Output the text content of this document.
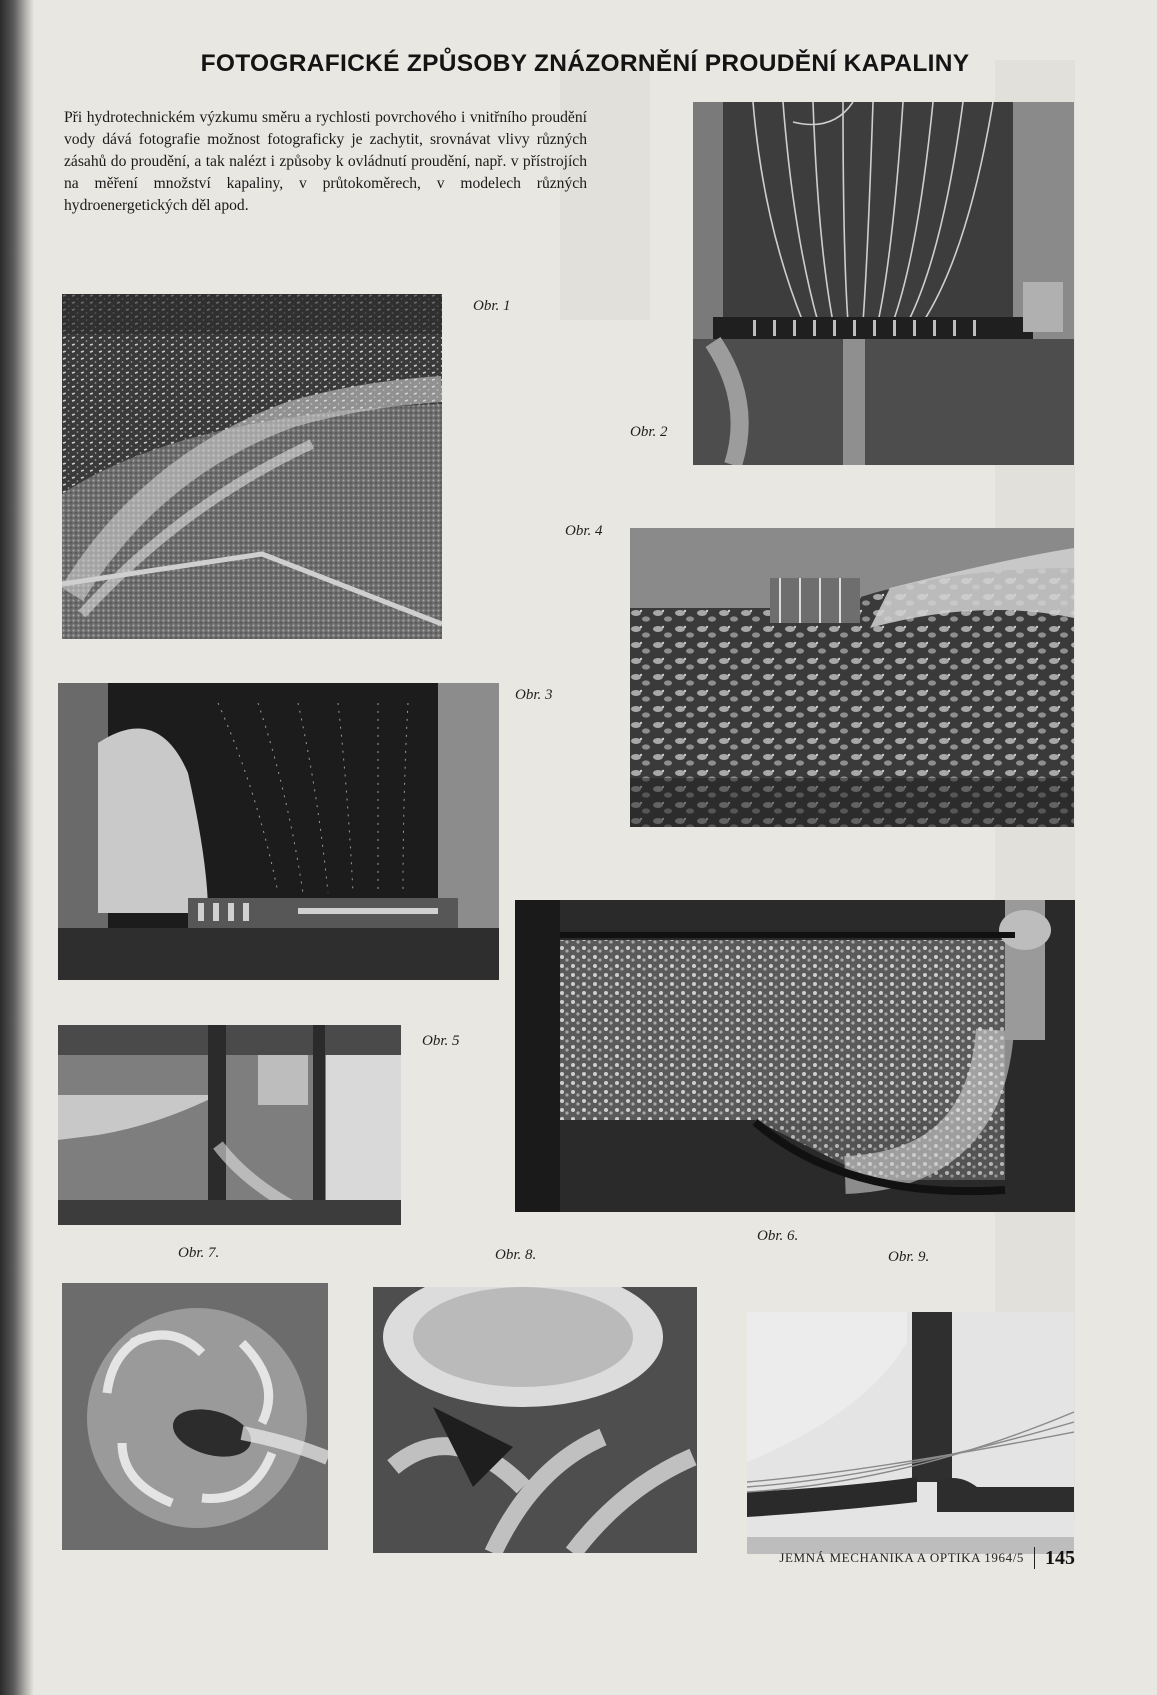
FOTOGRAFICKÉ ZPŮSOBY ZNÁZORNĚNÍ PROUDĚNÍ KAPALINY
Při hydrotechnickém výzkumu směru a rychlosti povrchového i vnitřního proudění vody dává fotografie možnost fotograficky je zachytit, srovnávat vlivy různých zásahů do proudění, a tak nalézt i způsoby k ovládnutí proudění, např. v přístrojích na měření množství kapaliny, v průtokoměrech, v modelech různých hydroenergetických děl apod.
Obr. 1
Obr. 2
Obr. 4
Obr. 3
Obr. 6.
Obr. 5
Obr. 7.	Obr. 8.	Obr. 9.
JEMNÁ MECHANIKA A OPTIKA 1964/5 145
